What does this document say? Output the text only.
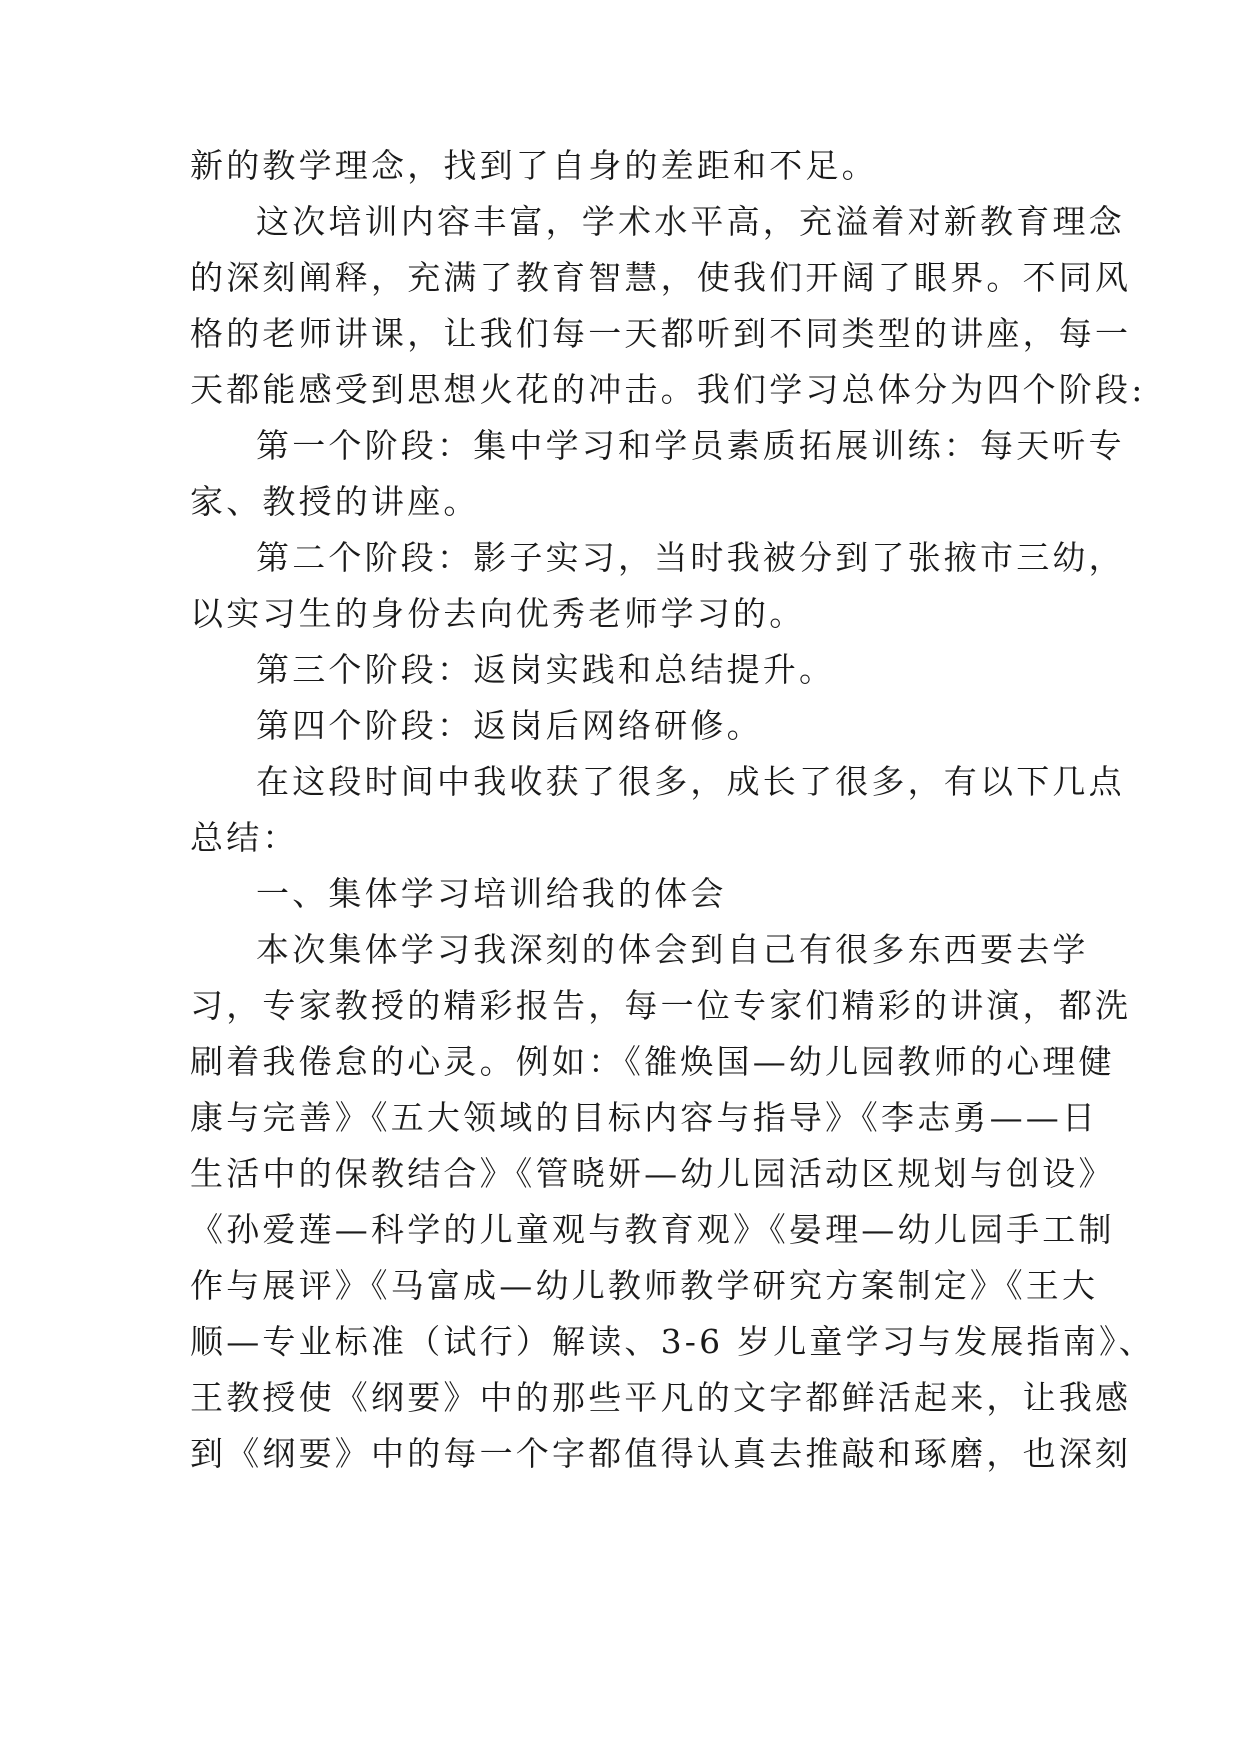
新的教学理念，找到了自身的差距和不足。

这次培训内容丰富，学术水平高，充溢着对新教育理念

的深刻阐释，充满了教育智慧，使我们开阔了眼界。不同风

格的老师讲课，让我们每一天都听到不同类型的讲座，每一

天都能感受到思想火花的冲击。我们学习总体分为四个阶段:

第一个阶段：集中学习和学员素质拓展训练：每天听专

家、教授的讲座。

第二个阶段：影子实习，当时我被分到了张掖市三幼，

以实习生的身份去向优秀老师学习的。

第三个阶段：返岗实践和总结提升。

第四个阶段：返岗后网络研修。

在这段时间中我收获了很多，成长了很多，有以下几点

总结：

一、集体学习培训给我的体会

本次集体学习我深刻的体会到自己有很多东西要去学

习，专家教授的精彩报告，每一位专家们精彩的讲演，都洗

刷着我倦怠的心灵。例如：《雒焕国—幼儿园教师的心理健

康与完善》《五大领域的目标内容与指导》《李志勇——日

生活中的保教结合》《管晓妍—幼儿园活动区规划与创设》

《孙爱莲—科学的儿童观与教育观》《晏理—幼儿园手工制

作与展评》《马富成—幼儿教师教学研究方案制定》《王大

顺—专业标准（试行）解读、3-6 岁儿童学习与发展指南》、

王教授使《纲要》中的那些平凡的文字都鲜活起来，让我感

到《纲要》中的每一个字都值得认真去推敲和琢磨，也深刻
